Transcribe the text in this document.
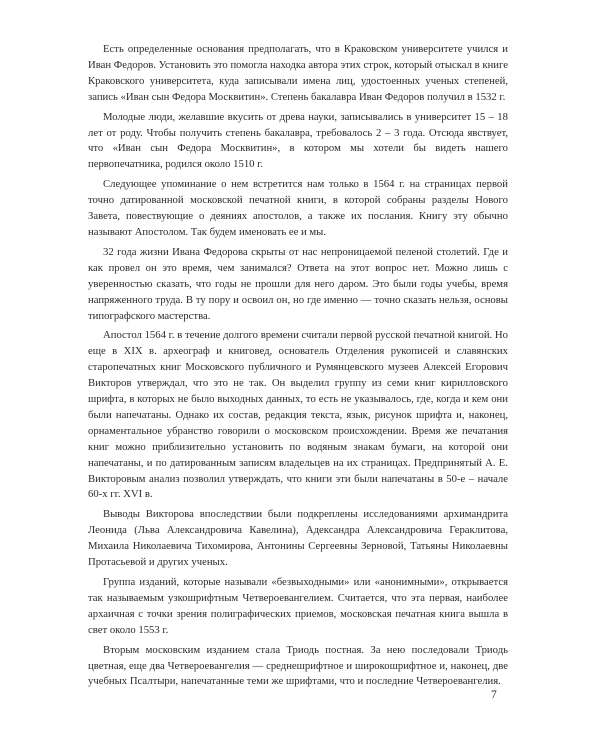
Есть определенные основания предполагать, что в Краковском университете учился и Иван Федоров. Установить это помогла находка автора этих строк, который отыскал в книге Краковского университета, куда записывали имена лиц, удостоенных ученых степеней, запись «Иван сын Федора Москвитин». Степень бакалавра Иван Федоров получил в 1532 г.

Молодые люди, желавшие вкусить от древа науки, записывались в университет 15 – 18 лет от роду. Чтобы получить степень бакалавра, требовалось 2 – 3 года. Отсюда явствует, что «Иван сын Федора Москвитин», в котором мы хотели бы видеть нашего первопечатника, родился около 1510 г.

Следующее упоминание о нем встретится нам только в 1564 г. на страницах первой точно датированной московской печатной книги, в которой собраны разделы Нового Завета, повествующие о деяниях апостолов, а также их послания. Книгу эту обычно называют Апостолом. Так будем именовать ее и мы.

32 года жизни Ивана Федорова скрыты от нас непроницаемой пеленой столетий. Где и как провел он это время, чем занимался? Ответа на этот вопрос нет. Можно лишь с уверенностью сказать, что годы не прошли для него даром. Это были годы учебы, время напряженного труда. В ту пору и освоил он, но где именно — точно сказать нельзя, основы типографского мастерства.

Апостол 1564 г. в течение долгого времени считали первой русской печатной книгой. Но еще в XIX в. археограф и книговед, основатель Отделения рукописей и славянских старопечатных книг Московского публичного и Румянцевского музеев Алексей Егорович Викторов утверждал, что это не так. Он выделил группу из семи книг кирилловского шрифта, в которых не было выходных данных, то есть не указывалось, где, когда и кем они были напечатаны. Однако их состав, редакция текста, язык, рисунок шрифта и, наконец, орнаментальное убранство говорили о московском происхождении. Время же печатания книг можно приблизительно установить по водяным знакам бумаги, на которой они напечатаны, и по датированным записям владельцев на их страницах. Предпринятый А. Е. Викторовым анализ позволил утверждать, что книги эти были напечатаны в 50-е – начале 60-х гг. XVI в.

Выводы Викторова впоследствии были подкреплены исследованиями архимандрита Леонида (Льва Александровича Кавелина), Адександра Александровича Гераклитова, Михаила Николаевича Тихомирова, Антонины Сергеевны Зерновой, Татьяны Николаевны Протасьевой и других ученых.

Группа изданий, которые называли «безвыходными» или «анонимными», открывается так называемым узкошрифтным Четвероевангелием. Считается, что эта первая, наиболее архаичная с точки зрения полиграфических приемов, московская печатная книга вышла в свет около 1553 г.

Вторым московским изданием стала Триодь постная. За нею последовали Триодь цветная, еще два Четвероевангелия — среднешрифтное и широкошрифтное и, наконец, две учебных Псалтыри, напечатанные теми же шрифтами, что и последние Четвероевангелия.

7
